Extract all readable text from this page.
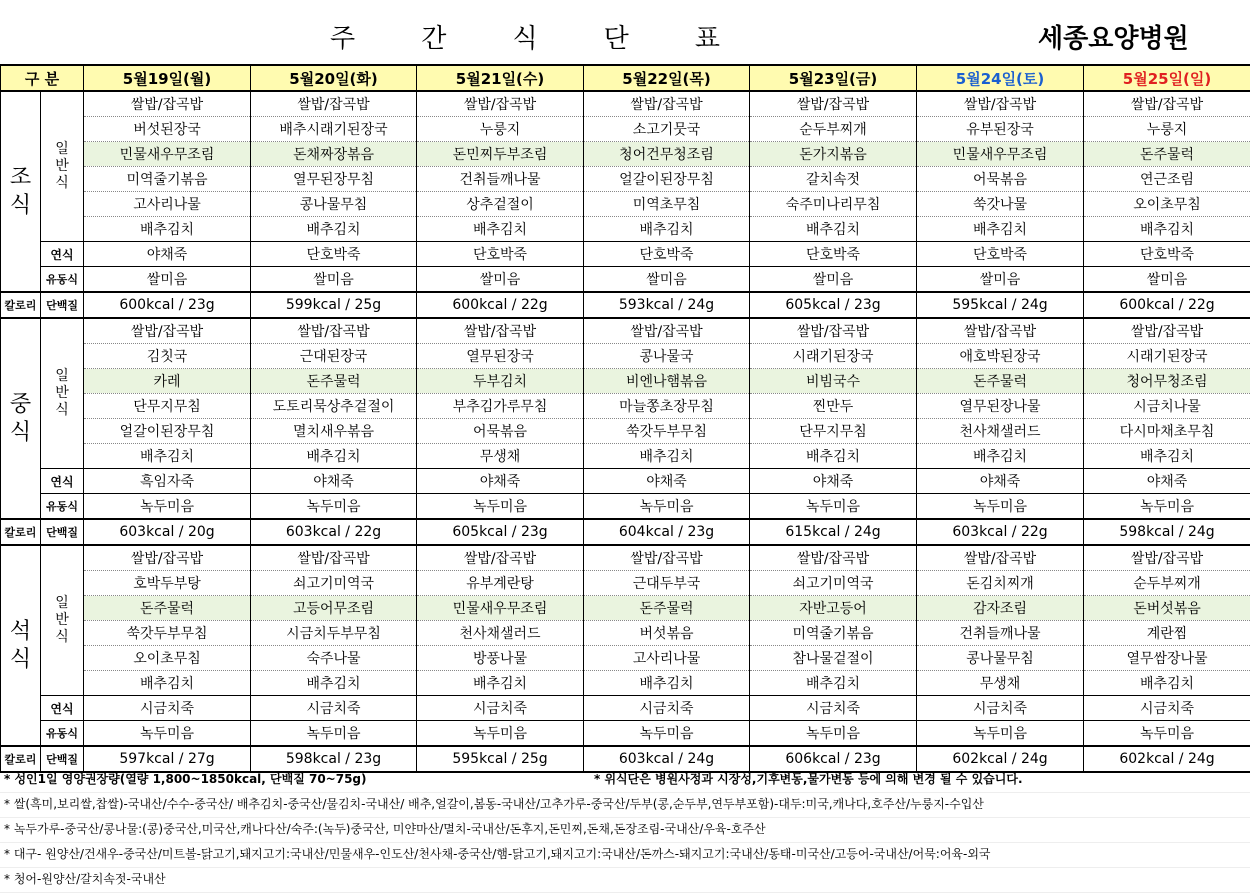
주	간	식	단	표	세종요양병원
구 분		5월19일(월)	5월20일(화)	5월21일(수)	5월22일(목)	5월23일(금)	5월24일(토)	5월25일(일)
조식	일반식	쌀밥/잡곡밥	쌀밥/잡곡밥	쌀밥/잡곡밥	쌀밥/잡곡밥	쌀밥/잡곡밥	쌀밥/잡곡밥	쌀밥/잡곡밥
		버섯된장국	배추시래기된장국	누룽지	소고기뭇국	순두부찌개	유부된장국	누룽지
		민물새우무조림	돈채짜장볶음	돈민찌두부조림	청어건무청조림	돈가지볶음	민물새우무조림	돈주물럭
		미역줄기볶음	열무된장무침	건취들깨나물	얼갈이된장무침	갈치속젓	어묵볶음	연근조림
		고사리나물	콩나물무침	상추겉절이	미역초무침	숙주미나리무침	쑥갓나물	오이초무침
		배추김치	배추김치	배추김치	배추김치	배추김치	배추김치	배추김치
	연식	야채죽	단호박죽	단호박죽	단호박죽	단호박죽	단호박죽	단호박죽
	유동식	쌀미음	쌀미음	쌀미음	쌀미음	쌀미음	쌀미음	쌀미음
칼로리	단백질	600kcal / 23g	599kcal / 25g	600kcal / 22g	593kcal / 24g	605kcal / 23g	595kcal / 24g	600kcal / 22g
중식	일반식	쌀밥/잡곡밥	쌀밥/잡곡밥	쌀밥/잡곡밥	쌀밥/잡곡밥	쌀밥/잡곡밥	쌀밥/잡곡밥	쌀밥/잡곡밥
		김칫국	근대된장국	열무된장국	콩나물국	시래기된장국	애호박된장국	시래기된장국
		카레	돈주물럭	두부김치	비엔나햄볶음	비빔국수	돈주물럭	청어무청조림
		단무지무침	도토리묵상추겉절이	부추김가루무침	마늘쫑초장무침	찐만두	열무된장나물	시금치나물
		얼갈이된장무침	멸치새우볶음	어묵볶음	쑥갓두부무침	단무지무침	천사채샐러드	다시마채초무침
		배추김치	배추김치	무생채	배추김치	배추김치	배추김치	배추김치
	연식	흑임자죽	야채죽	야채죽	야채죽	야채죽	야채죽	야채죽
	유동식	녹두미음	녹두미음	녹두미음	녹두미음	녹두미음	녹두미음	녹두미음
칼로리	단백질	603kcal / 20g	603kcal / 22g	605kcal / 23g	604kcal / 23g	615kcal / 24g	603kcal / 22g	598kcal / 24g
석식	일반식	쌀밥/잡곡밥	쌀밥/잡곡밥	쌀밥/잡곡밥	쌀밥/잡곡밥	쌀밥/잡곡밥	쌀밥/잡곡밥	쌀밥/잡곡밥
		호박두부탕	쇠고기미역국	유부계란탕	근대두부국	쇠고기미역국	돈김치찌개	순두부찌개
		돈주물럭	고등어무조림	민물새우무조림	돈주물럭	자반고등어	감자조림	돈버섯볶음
		쑥갓두부무침	시금치두부무침	천사채샐러드	버섯볶음	미역줄기볶음	건취들깨나물	계란찜
		오이초무침	숙주나물	방풍나물	고사리나물	참나물겉절이	콩나물무침	열무쌈장나물
		배추김치	배추김치	배추김치	배추김치	배추김치	무생채	배추김치
	연식	시금치죽	시금치죽	시금치죽	시금치죽	시금치죽	시금치죽	시금치죽
	유동식	녹두미음	녹두미음	녹두미음	녹두미음	녹두미음	녹두미음	녹두미음
칼로리	단백질	597kcal / 27g	598kcal / 23g	595kcal / 25g	603kcal / 24g	606kcal / 23g	602kcal / 24g	602kcal / 24g
* 성인1일 영양권장량(열량 1,800~1850kcal, 단백질 70~75g)	* 위식단은 병원사정과 시장성,기후변동,물가변동 등에 의해 변경 될 수 있습니다.
* 쌀(흑미,보리쌀,찹쌀)-국내산/수수-중국산/ 배추김치-중국산/물김치-국내산/ 배추,얼갈이,봄동-국내산/고추가루-중국산/두부(콩,순두부,연두부포함)-대두:미국,캐나다,호주산/누룽지-수입산
* 녹두가루-중국산/콩나물:(콩)중국산,미국산,캐나다산/숙주:(녹두)중국산, 미얀마산/멸치-국내산/돈후지,돈민찌,돈채,돈장조림-국내산/우육-호주산
* 대구- 원양산/건새우-중국산/미트볼-닭고기,돼지고기:국내산/민물새우-인도산/천사채-중국산/햄-닭고기,돼지고기:국내산/돈까스-돼지고기:국내산/동태-미국산/고등어-국내산/어묵:어육-외국
* 청어-원양산/갈치속젓-국내산
